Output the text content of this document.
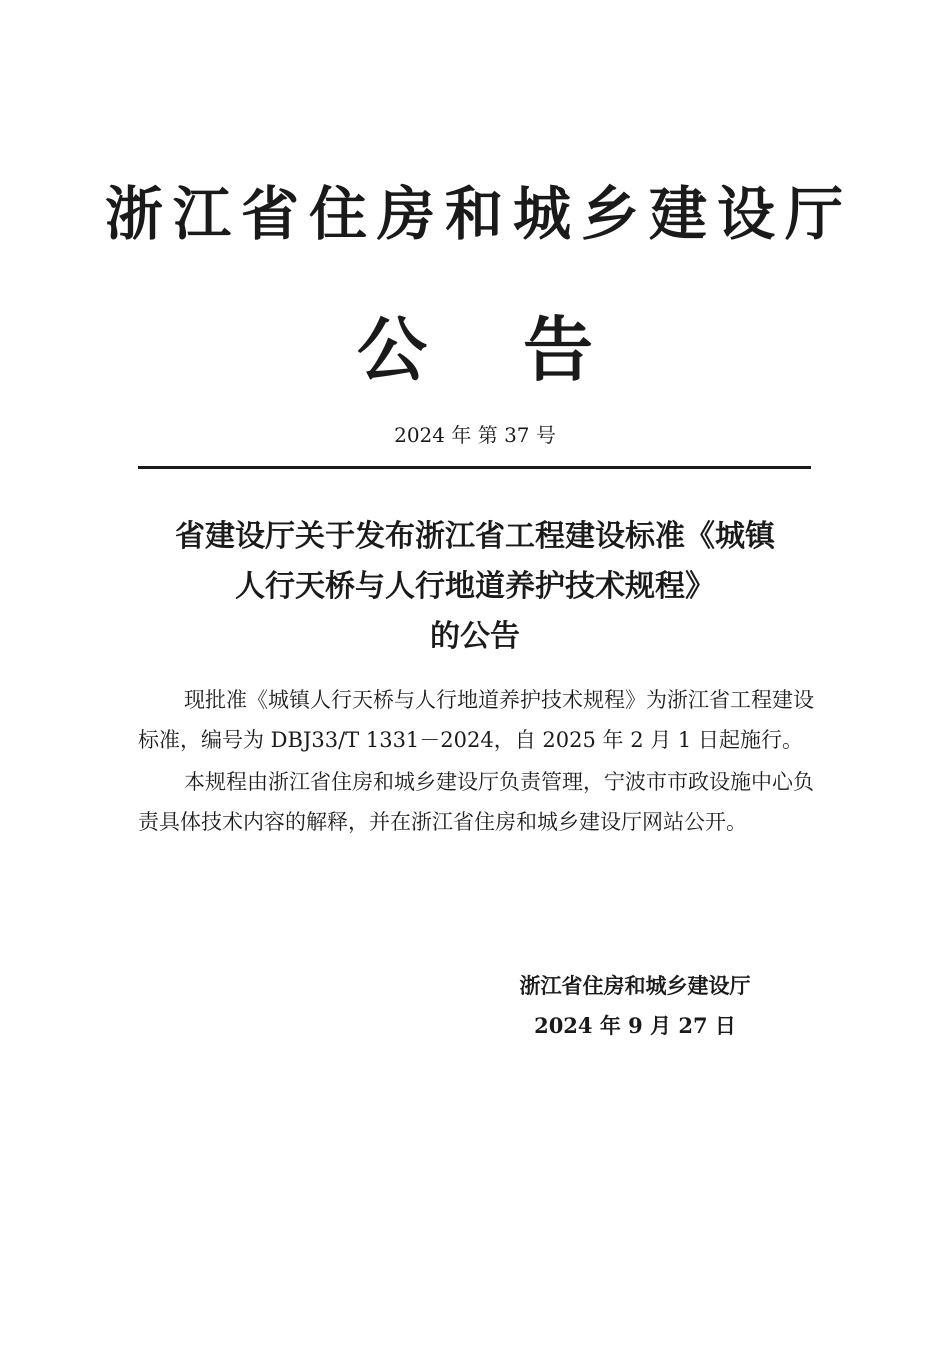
浙江省住房和城乡建设厅
公告
2024 年 第 37 号
省建设厅关于发布浙江省工程建设标准《城镇
人行天桥与人行地道养护技术规程》
的公告

现批准《城镇人行天桥与人行地道养护技术规程》为浙江省工程建设标准，编号为 DBJ33/T 1331－2024，自 2025 年 2 月 1 日起施行。

本规程由浙江省住房和城乡建设厅负责管理，宁波市市政设施中心负责具体技术内容的解释，并在浙江省住房和城乡建设厅网站公开。

浙江省住房和城乡建设厅
2024 年 9 月 27 日
